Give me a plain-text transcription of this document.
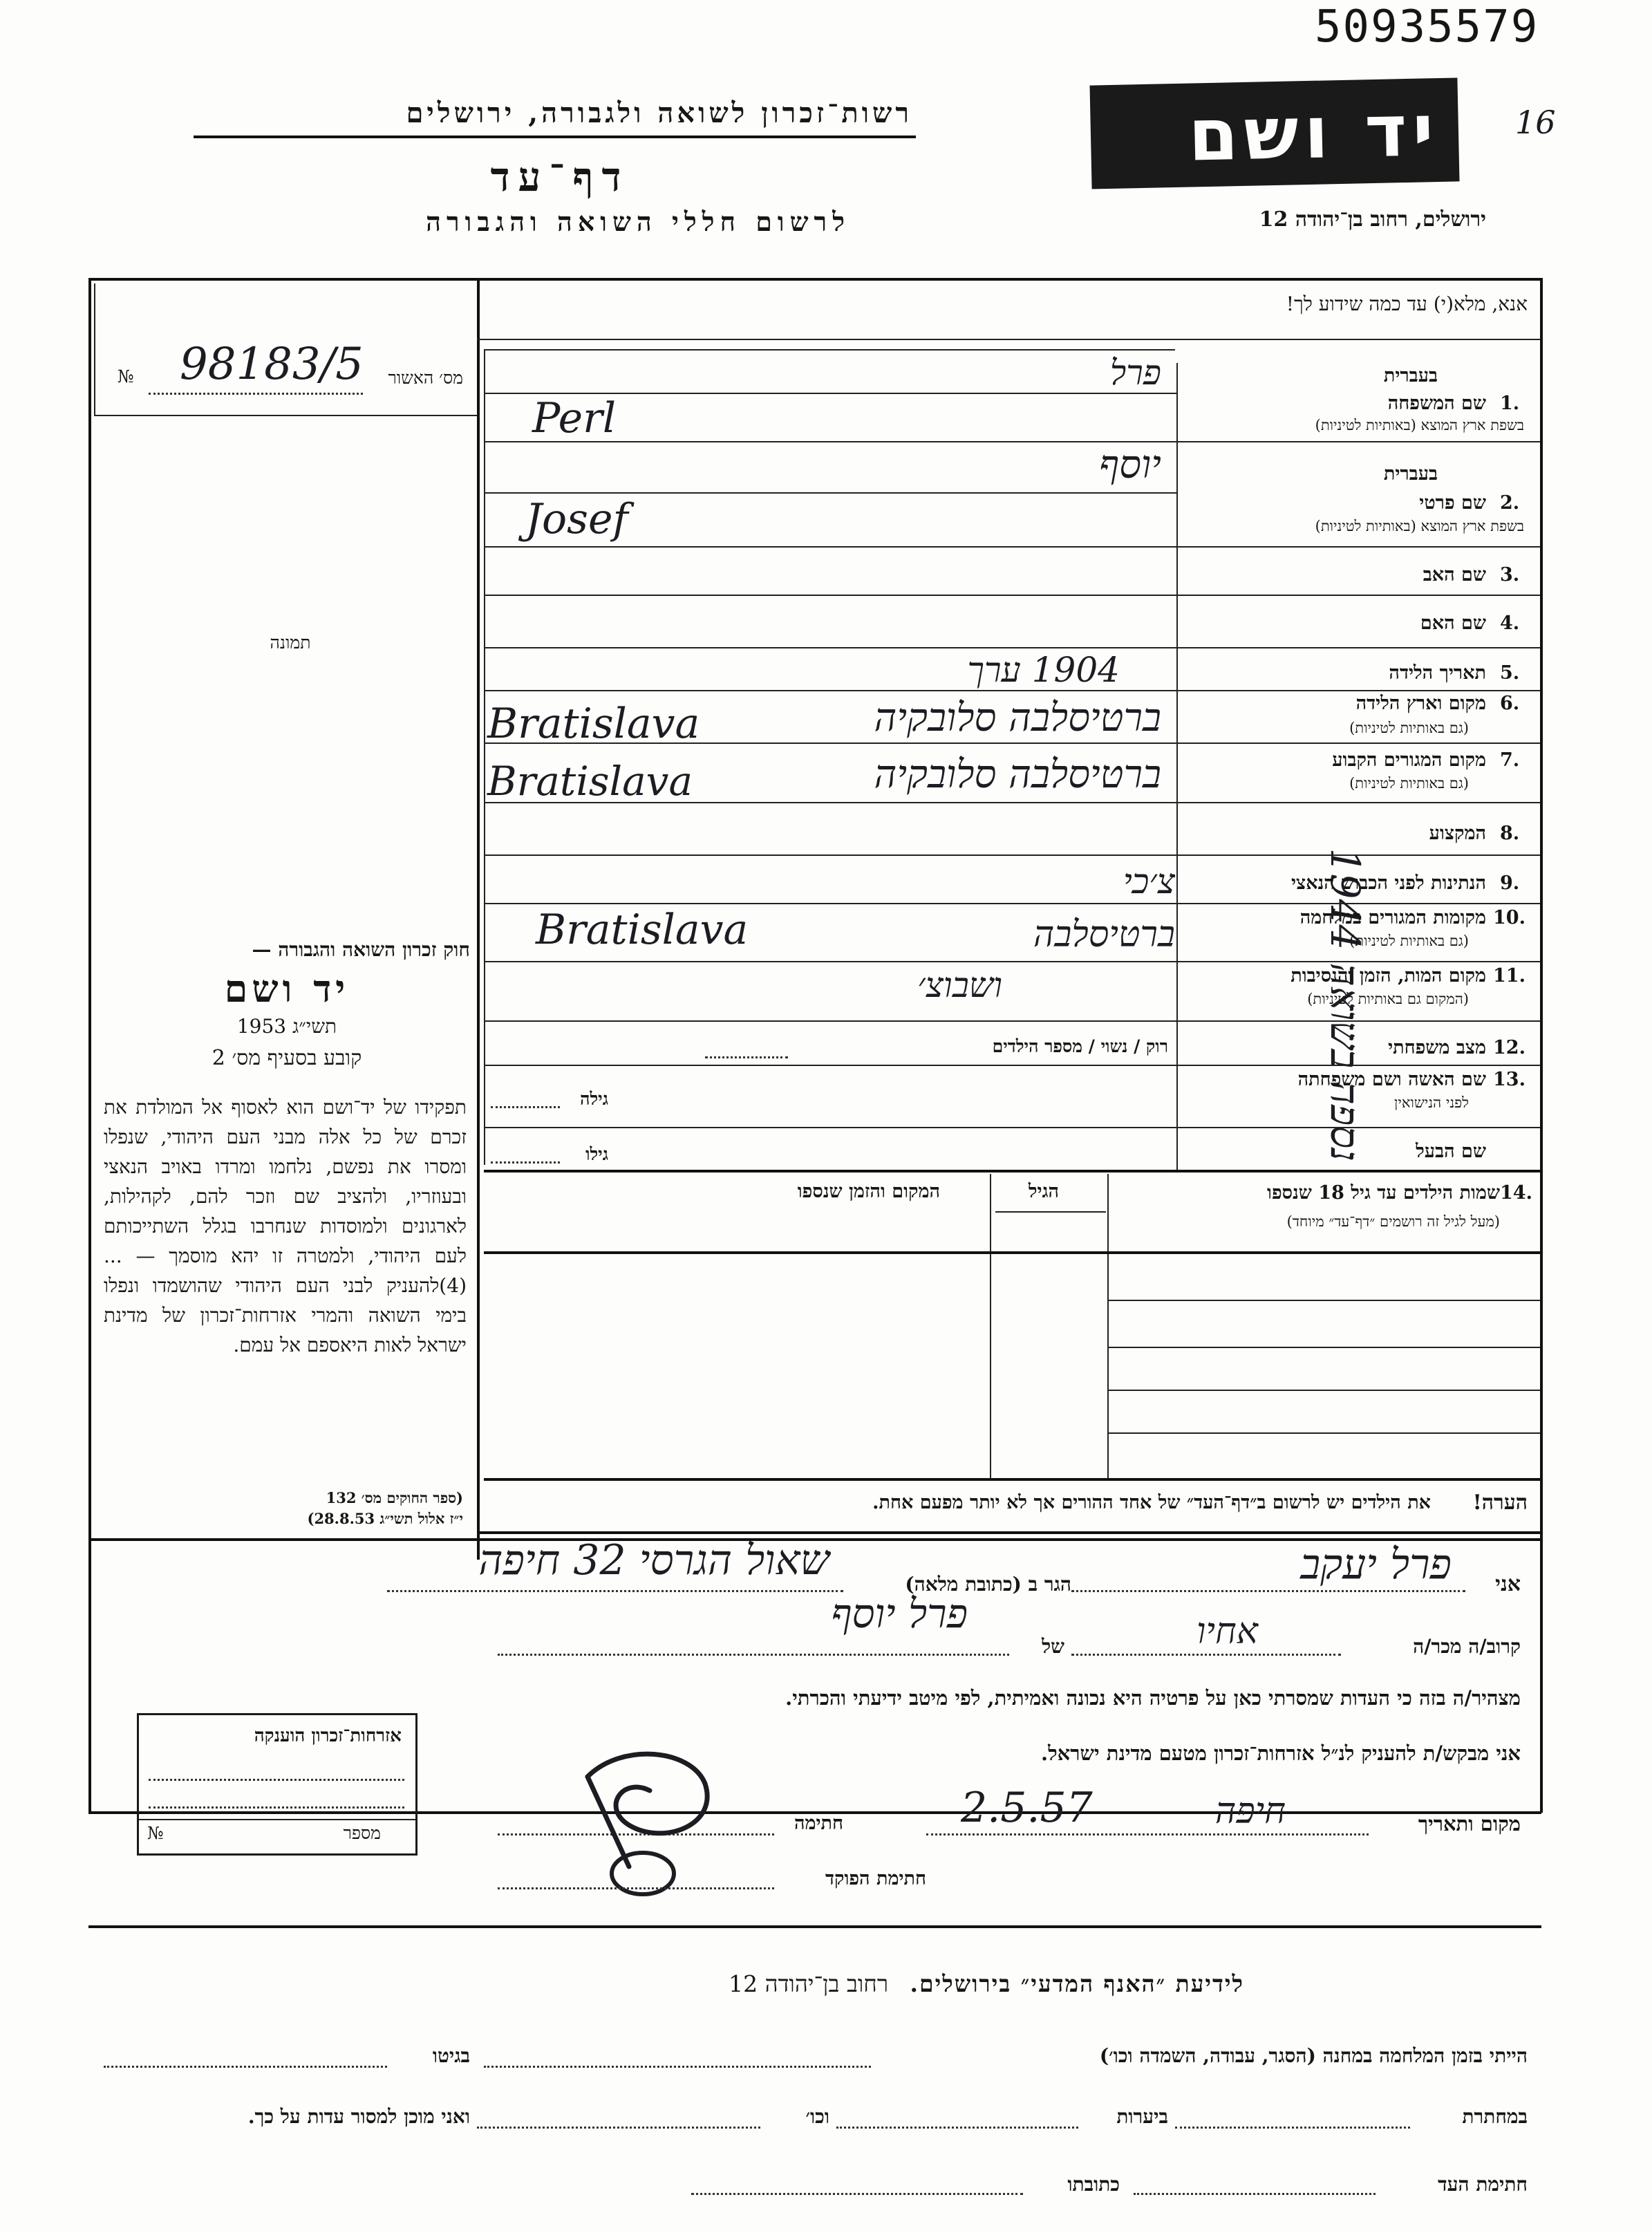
50935579
16
רשות־זכרון לשואה ולגבורה, ירושלים
דף־עד
לרשום חללי השואה והגבורה
יד ושם
ירושלים, רחוב בן־יהודה 12
נספה בשואה 1944
אנא, מלא(י) עד כמה שידוע לך!
מס׳ האשור
№ 98183/5
תמונה
בעברית
שם המשפחה 1.
בשפת ארץ המוצא (באותיות לטיניות)
פרל
Perl
בעברית
שם פרטי 2.
בשפת ארץ המוצא (באותיות לטיניות)
יוסף
Josef
שם האב 3.
שם האם 4.
תאריך הלידה 5.
1904 ערך
מקום וארץ הלידה 6.
(גם באותיות לטיניות)
Bratislava	ברטיסלבה סלובקיה
מקום המגורים הקבוע 7.
(גם באותיות לטיניות)
Bratislava	ברטיסלבה סלובקיה
המקצוע 8.
הנתינות לפני הכבוש הנאצי 9.
צ׳כי
מקומות המגורים במלחמה 10.
(גם באותיות לטיניות)
Bratislava	ברטיסלבה
מקום המות, הזמן והנסיבות 11.
(המקום גם באותיות לטיניות)
ושבוצ׳
מצב משפחתי 12.
רוק / נשוי / מספר הילדים
שם האשה ושם משפחתה 13.
לפני הנישואין
גילה
שם הבעל
גילו
14.
שמות הילדים עד גיל 18 שנספו
(מעל לגיל זה רושמים ״דף־עד״ מיוחד)
הגיל
המקום והזמן שנספו
הערה!
את הילדים יש לרשום ב״דף־העד״ של אחד ההורים אך לא יותר מפעם אחת.
חוק זכרון השואה והגבורה —
יד ושם
תשי״ג 1953
קובע בסעיף מס׳ 2
תפקידו של יד־ושם הוא לאסוף אל המולדת את זכרם של כל אלה מבני העם היהודי, שנפלו ומסרו את נפשם, נלחמו ומרדו באויב הנאצי ובעוזריו, ולהציב שם וזכר להם, לקהילות, לארגונים ולמוסדות שנחרבו בגלל השתייכותם לעם היהודי, ולמטרה זו יהא מוסמך — ...(4)להעניק לבני העם היהודי שהושמדו ונפלו בימי השואה והמרי אזרחות־זכרון של מדינת ישראל לאות היאספם אל עמם.
(ספר החוקים מס׳ 132
י״ז אלול תשי״ג 28.8.53)
אני
פרל יעקב
הגר ב (כתובת מלאה)
שאול הגרסי 32 חיפה
קרוב/ה מכר/ה
אחיו
של
פרל יוסף
מצהיר/ה בזה כי העדות שמסרתי כאן על פרטיה היא נכונה ואמיתית, לפי מיטב ידיעתי והכרתי.
אני מבקש/ת להעניק לנ״ל אזרחות־זכרון מטעם מדינת ישראל.
מקום ותאריך
חיפה
2.5.57
חתימה
חתימת הפוקד
אזרחות־זכרון הוענקה
מספר
№
לידיעת ״האנף המדעי״ בירושלים. רחוב בן־יהודה 12
הייתי בזמן המלחמה במחנה (הסגר, עבודה, השמדה וכו׳)
בגיטו
במחתרת
ביערות
וכו׳
ואני מוכן למסור עדות על כך.
חתימת העד
כתובתו
